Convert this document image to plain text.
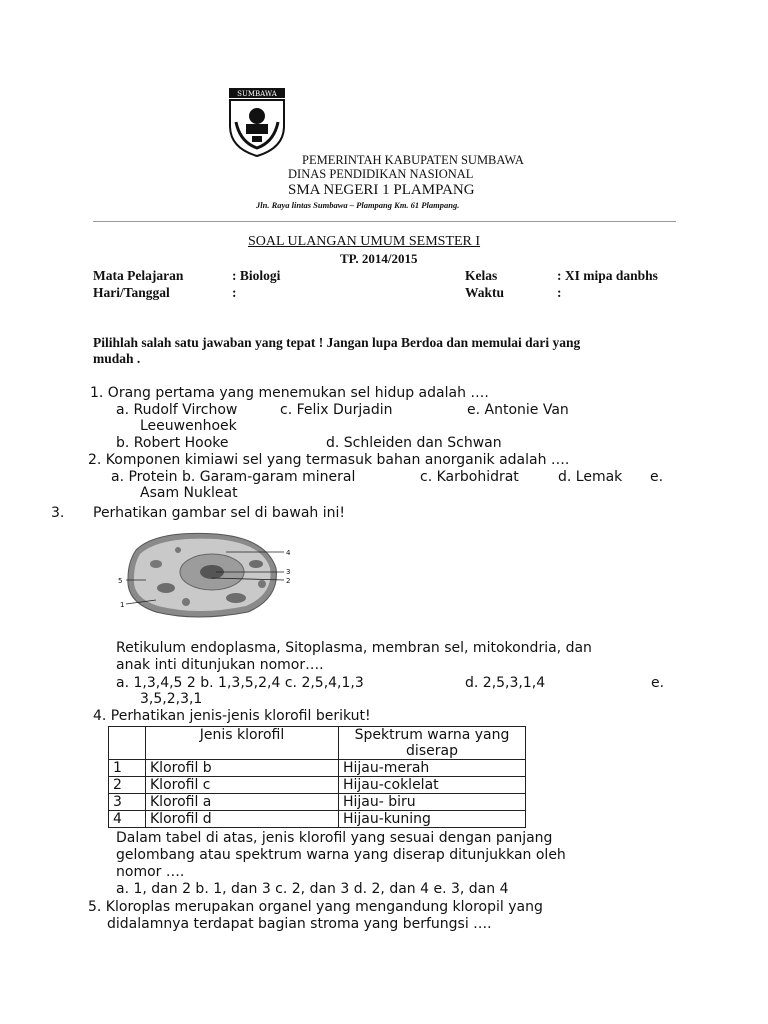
SUMBAWA
PEMERINTAH KABUPATEN SUMBAWA
DINAS PENDIDIKAN NASIONAL
SMA NEGERI 1 PLAMPANG
Jln. Raya lintas Sumbawa – Plampang Km. 61 Plampang.
SOAL ULANGAN UMUM SEMSTER I
TP. 2014/2015
Mata Pelajaran	: Biologi	Kelas	: XI mipa danbhs
Hari/Tanggal	:	Waktu	:
Pilihlah salah satu jawaban yang tepat ! Jangan lupa Berdoa dan memulai dari yang
mudah .
1. Orang pertama yang menemukan sel hidup adalah ….
a. Rudolf Virchow	c. Felix Durjadin	e. Antonie Van
Leeuwenhoek
b. Robert Hooke	d. Schleiden dan Schwan
2. Komponen kimiawi sel yang termasuk bahan anorganik adalah ….
a. Protein b. Garam-garam mineral	c. Karbohidrat	d. Lemak e.
Asam Nukleat
3. Perhatikan gambar sel di bawah ini!
4
3
2
5
1
Retikulum endoplasma, Sitoplasma, membran sel, mitokondria, dan
anak inti ditunjukan nomor….
a. 1,3,4,5 2 b. 1,3,5,2,4 c. 2,5,4,1,3	d. 2,5,3,1,4	e.
3,5,2,3,1
4. Perhatikan jenis-jenis klorofil berikut!
	Jenis klorofil	Spektrum warna yang
diserap
1	Klorofil b	Hijau-merah
2	Klorofil c	Hijau-coklelat
3	Klorofil a	Hijau- biru
4	Klorofil d	Hijau-kuning
Dalam tabel di atas, jenis klorofil yang sesuai dengan panjang
gelombang atau spektrum warna yang diserap ditunjukkan oleh
nomor ….
a. 1, dan 2 b. 1, dan 3 c. 2, dan 3 d. 2, dan 4 e. 3, dan 4
5. Kloroplas merupakan organel yang mengandung kloropil yang
didalamnya terdapat bagian stroma yang berfungsi ….
